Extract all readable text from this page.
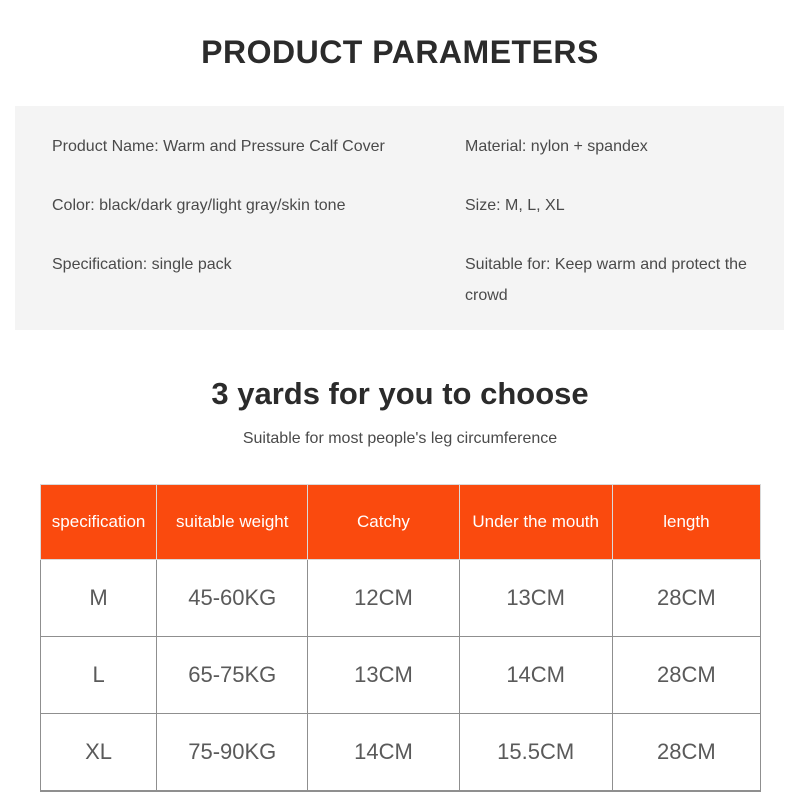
PRODUCT PARAMETERS
Product Name: Warm and Pressure Calf Cover	Material: nylon + spandex
Color: black/dark gray/light gray/skin tone	Size: M, L, XL
Specification: single pack	Suitable for: Keep warm and protect the crowd
3 yards for you to choose
Suitable for most people's leg circumference
specification	suitable weight	Catchy	Under the mouth	length
M	45-60KG	12CM	13CM	28CM
L	65-75KG	13CM	14CM	28CM
XL	75-90KG	14CM	15.5CM	28CM
